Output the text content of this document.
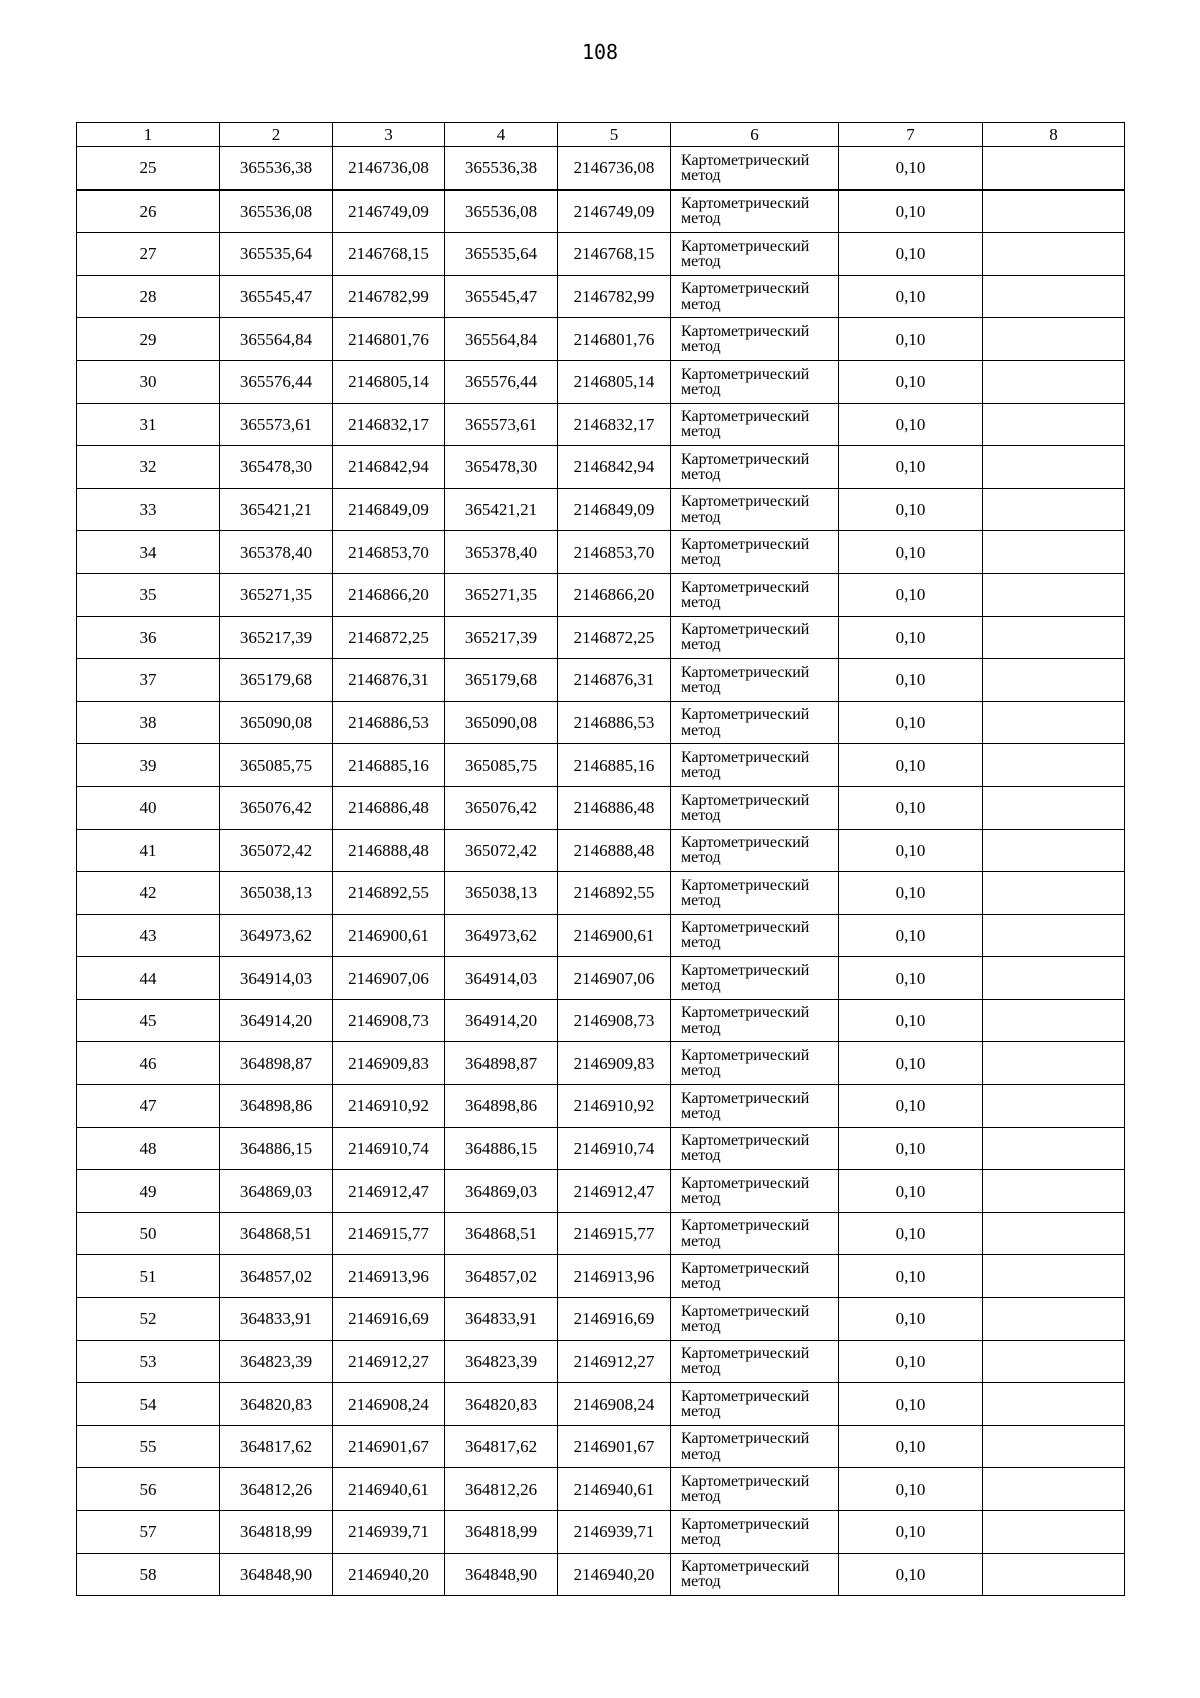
108
1	2	3	4	5	6	7	8
25	365536,38	2146736,08	365536,38	2146736,08	Картометрический
метод	0,10	
26	365536,08	2146749,09	365536,08	2146749,09	Картометрический
метод	0,10	
27	365535,64	2146768,15	365535,64	2146768,15	Картометрический
метод	0,10	
28	365545,47	2146782,99	365545,47	2146782,99	Картометрический
метод	0,10	
29	365564,84	2146801,76	365564,84	2146801,76	Картометрический
метод	0,10	
30	365576,44	2146805,14	365576,44	2146805,14	Картометрический
метод	0,10	
31	365573,61	2146832,17	365573,61	2146832,17	Картометрический
метод	0,10	
32	365478,30	2146842,94	365478,30	2146842,94	Картометрический
метод	0,10	
33	365421,21	2146849,09	365421,21	2146849,09	Картометрический
метод	0,10	
34	365378,40	2146853,70	365378,40	2146853,70	Картометрический
метод	0,10	
35	365271,35	2146866,20	365271,35	2146866,20	Картометрический
метод	0,10	
36	365217,39	2146872,25	365217,39	2146872,25	Картометрический
метод	0,10	
37	365179,68	2146876,31	365179,68	2146876,31	Картометрический
метод	0,10	
38	365090,08	2146886,53	365090,08	2146886,53	Картометрический
метод	0,10	
39	365085,75	2146885,16	365085,75	2146885,16	Картометрический
метод	0,10	
40	365076,42	2146886,48	365076,42	2146886,48	Картометрический
метод	0,10	
41	365072,42	2146888,48	365072,42	2146888,48	Картометрический
метод	0,10	
42	365038,13	2146892,55	365038,13	2146892,55	Картометрический
метод	0,10	
43	364973,62	2146900,61	364973,62	2146900,61	Картометрический
метод	0,10	
44	364914,03	2146907,06	364914,03	2146907,06	Картометрический
метод	0,10	
45	364914,20	2146908,73	364914,20	2146908,73	Картометрический
метод	0,10	
46	364898,87	2146909,83	364898,87	2146909,83	Картометрический
метод	0,10	
47	364898,86	2146910,92	364898,86	2146910,92	Картометрический
метод	0,10	
48	364886,15	2146910,74	364886,15	2146910,74	Картометрический
метод	0,10	
49	364869,03	2146912,47	364869,03	2146912,47	Картометрический
метод	0,10	
50	364868,51	2146915,77	364868,51	2146915,77	Картометрический
метод	0,10	
51	364857,02	2146913,96	364857,02	2146913,96	Картометрический
метод	0,10	
52	364833,91	2146916,69	364833,91	2146916,69	Картометрический
метод	0,10	
53	364823,39	2146912,27	364823,39	2146912,27	Картометрический
метод	0,10	
54	364820,83	2146908,24	364820,83	2146908,24	Картометрический
метод	0,10	
55	364817,62	2146901,67	364817,62	2146901,67	Картометрический
метод	0,10	
56	364812,26	2146940,61	364812,26	2146940,61	Картометрический
метод	0,10	
57	364818,99	2146939,71	364818,99	2146939,71	Картометрический
метод	0,10	
58	364848,90	2146940,20	364848,90	2146940,20	Картометрический
метод	0,10	
